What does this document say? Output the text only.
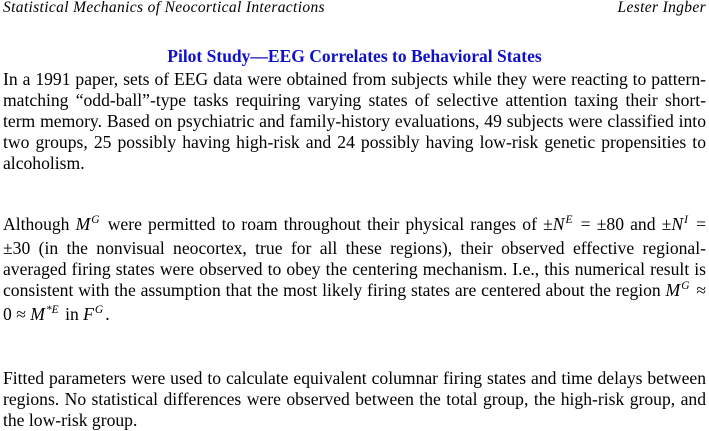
Statistical Mechanics of Neocortical Interactions	Lester Ingber
Pilot Study—EEG Correlates to Behavioral States

In a 1991 paper, sets of EEG data were obtained from subjects while they were reacting to pattern-matching “odd-ball”-type tasks requiring varying states of selective attention taxing their short-term memory. Based on psychiatric and family-history evaluations, 49 subjects were classified into two groups, 25 possibly having high-risk and 24 possibly having low-risk genetic propensities to alcoholism.

Although $M^G$ were permitted to roam throughout their physical ranges of $\pm N^E = \pm 80$ and $\pm N^I = \pm 30$ (in the nonvisual neocortex, true for all these regions), their observed effective regional-averaged firing states were observed to obey the centering mechanism. I.e., this numerical result is consistent with the assumption that the most likely firing states are centered about the region $M^G \approx 0 \approx M^{*E}$ in $F^G$ .

Fitted parameters were used to calculate equivalent columnar firing states and time delays between regions. No statistical differences were observed between the total group, the high-risk group, and the low-risk group.
